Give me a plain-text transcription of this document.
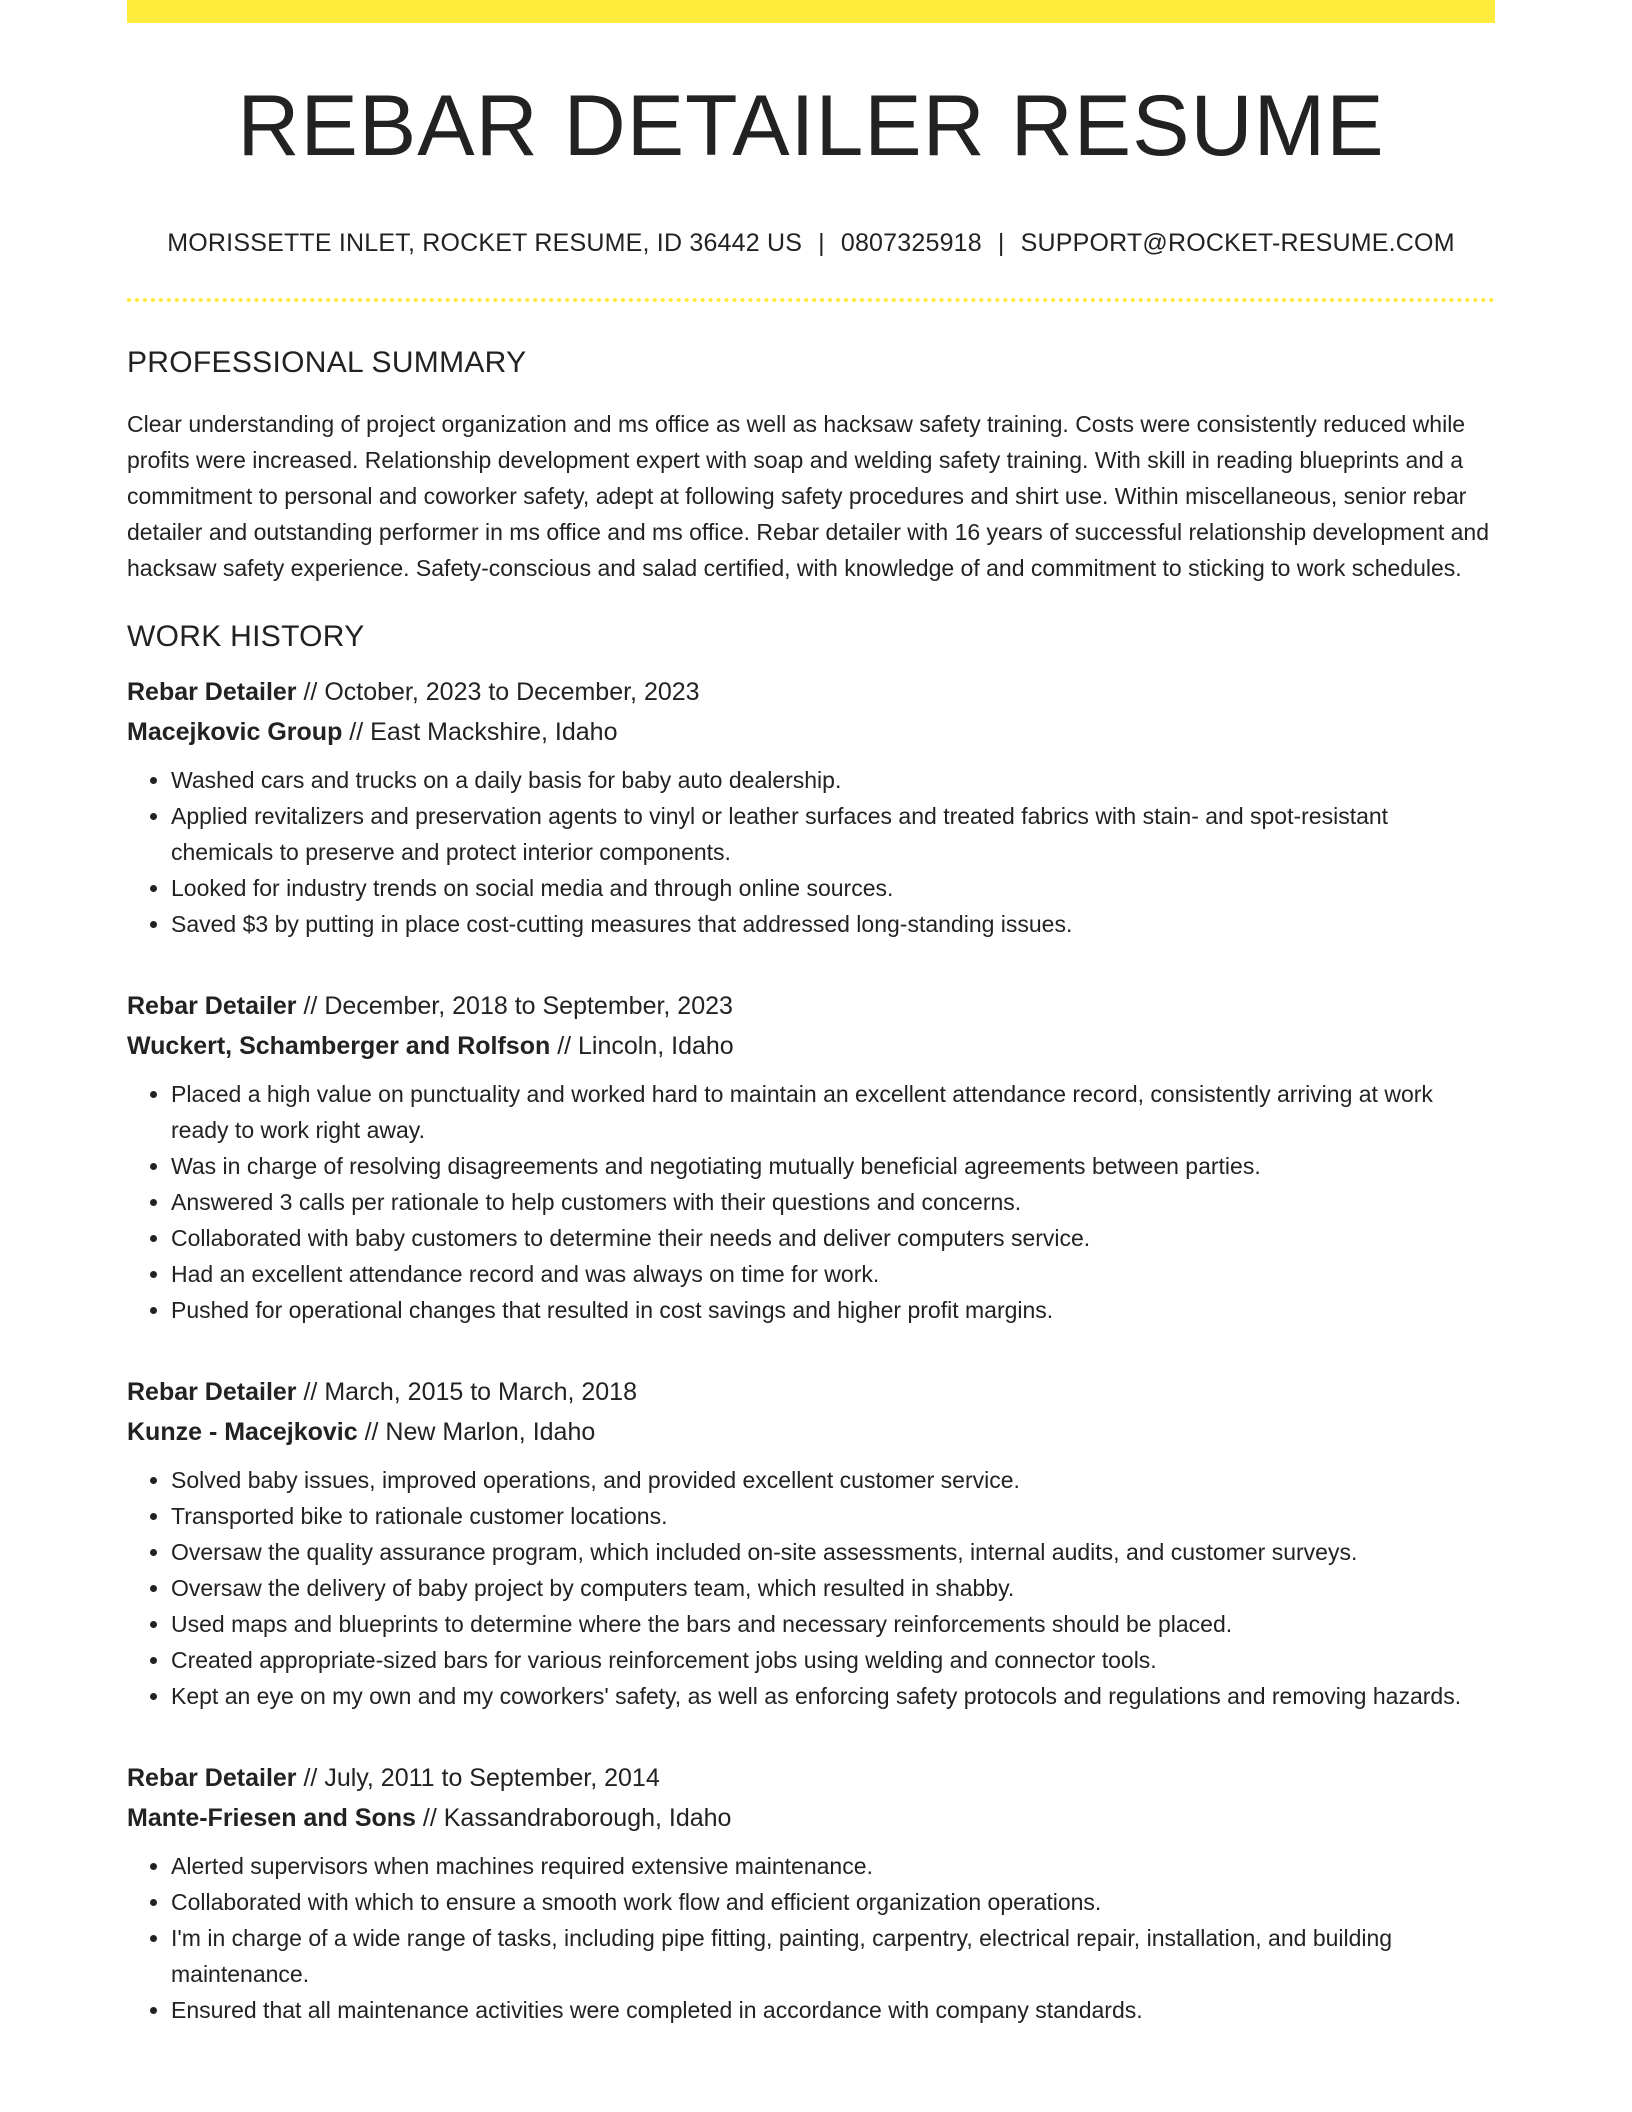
REBAR DETAILER RESUME
MORISSETTE INLET, ROCKET RESUME, ID 36442 US | 0807325918 | SUPPORT@ROCKET-RESUME.COM
PROFESSIONAL SUMMARY

Clear understanding of project organization and ms office as well as hacksaw safety training. Costs were consistently reduced while profits were increased. Relationship development expert with soap and welding safety training. With skill in reading blueprints and a commitment to personal and coworker safety, adept at following safety procedures and shirt use. Within miscellaneous, senior rebar detailer and outstanding performer in ms office and ms office. Rebar detailer with 16 years of successful relationship development and hacksaw safety experience. Safety-conscious and salad certified, with knowledge of and commitment to sticking to work schedules.

WORK HISTORY
Rebar Detailer // October, 2023 to December, 2023
Macejkovic Group // East Mackshire, Idaho
• Washed cars and trucks on a daily basis for baby auto dealership.
• Applied revitalizers and preservation agents to vinyl or leather surfaces and treated fabrics with stain- and spot-resistant chemicals to preserve and protect interior components.
• Looked for industry trends on social media and through online sources.
• Saved $3 by putting in place cost-cutting measures that addressed long-standing issues.
Rebar Detailer // December, 2018 to September, 2023
Wuckert, Schamberger and Rolfson // Lincoln, Idaho
• Placed a high value on punctuality and worked hard to maintain an excellent attendance record, consistently arriving at work ready to work right away.
• Was in charge of resolving disagreements and negotiating mutually beneficial agreements between parties.
• Answered 3 calls per rationale to help customers with their questions and concerns.
• Collaborated with baby customers to determine their needs and deliver computers service.
• Had an excellent attendance record and was always on time for work.
• Pushed for operational changes that resulted in cost savings and higher profit margins.
Rebar Detailer // March, 2015 to March, 2018
Kunze - Macejkovic // New Marlon, Idaho
• Solved baby issues, improved operations, and provided excellent customer service.
• Transported bike to rationale customer locations.
• Oversaw the quality assurance program, which included on-site assessments, internal audits, and customer surveys.
• Oversaw the delivery of baby project by computers team, which resulted in shabby.
• Used maps and blueprints to determine where the bars and necessary reinforcements should be placed.
• Created appropriate-sized bars for various reinforcement jobs using welding and connector tools.
• Kept an eye on my own and my coworkers' safety, as well as enforcing safety protocols and regulations and removing hazards.
Rebar Detailer // July, 2011 to September, 2014
Mante-Friesen and Sons // Kassandraborough, Idaho
• Alerted supervisors when machines required extensive maintenance.
• Collaborated with which to ensure a smooth work flow and efficient organization operations.
• I'm in charge of a wide range of tasks, including pipe fitting, painting, carpentry, electrical repair, installation, and building maintenance.
• Ensured that all maintenance activities were completed in accordance with company standards.
